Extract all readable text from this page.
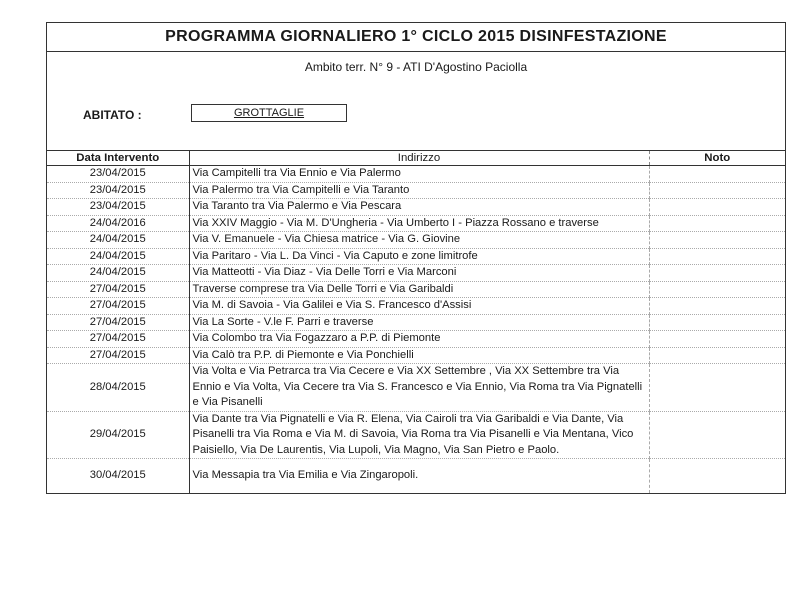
PROGRAMMA GIORNALIERO 1° CICLO 2015 DISINFESTAZIONE
Ambito terr. N° 9 - ATI D'Agostino Paciolla
ABITATO :	GROTTAGLIE
Data Intervento	Indirizzo	Noto
23/04/2015	Via Campitelli tra Via Ennio e Via Palermo	
23/04/2015	Via Palermo tra Via Campitelli e Via Taranto	
23/04/2015	Via Taranto tra Via Palermo e Via Pescara	
24/04/2016	Via XXIV Maggio - Via M. D'Ungheria - Via Umberto I - Piazza Rossano e traverse	
24/04/2015	Via V. Emanuele - Via Chiesa matrice - Via G. Giovine	
24/04/2015	Via Paritaro - Via L. Da Vinci - Via Caputo e zone limitrofe	
24/04/2015	Via Matteotti - Via Diaz - Via Delle Torri e Via Marconi	
27/04/2015	Traverse comprese tra Via Delle Torri e Via Garibaldi	
27/04/2015	Via M. di Savoia - Via Galilei e Via S. Francesco d'Assisi	
27/04/2015	Via La Sorte - V.le F. Parri e traverse	
27/04/2015	Via Colombo tra Via Fogazzaro a P.P. di Piemonte	
27/04/2015	Via Calò tra P.P. di Piemonte e Via Ponchielli	
28/04/2015	Via Volta e Via Petrarca tra Via Cecere e Via XX Settembre , Via XX Settembre tra Via Ennio e Via Volta, Via Cecere tra Via S. Francesco e Via Ennio, Via Roma tra Via Pignatelli e Via Pisanelli	
29/04/2015	Via Dante tra Via Pignatelli e Via R. Elena, Via Cairoli tra Via Garibaldi e Via Dante, Via Pisanelli tra Via Roma e Via M. di Savoia, Via Roma tra Via Pisanelli e Via Mentana, Vico Paisiello, Via De Laurentis, Via Lupoli, Via Magno, Via San Pietro e Paolo.	
30/04/2015	Via Messapia tra Via Emilia e Via Zingaropoli.	
